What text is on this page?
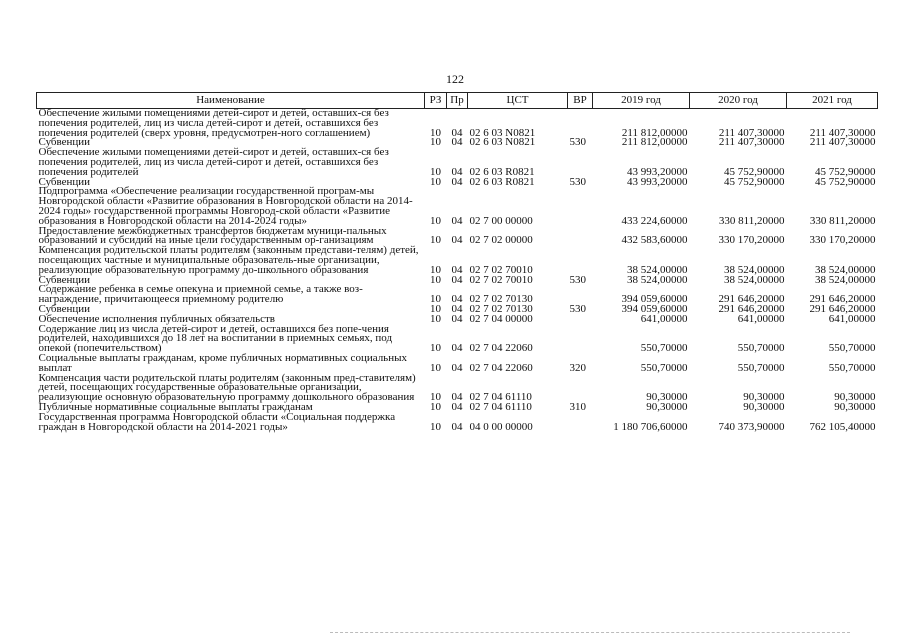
122
Наименование	РЗ	Пр	ЦСТ	ВР	2019 год	2020 год	2021 год
Обеспечение жилыми помещениями детей-сирот и детей, оставших-ся без попечения родителей, лиц из числа детей-сирот и детей, оставшихся без попечения родителей (сверх уровня, предусмотрен-ного соглашением)	10	04	02 6 03 N0821		211 812,00000	211 407,30000	211 407,30000
Субвенции	10	04	02 6 03 N0821	530	211 812,00000	211 407,30000	211 407,30000
Обеспечение жилыми помещениями детей-сирот и детей, оставших-ся без попечения родителей, лиц из числа детей-сирот и детей, оставшихся без попечения родителей	10	04	02 6 03 R0821		43 993,20000	45 752,90000	45 752,90000
Субвенции	10	04	02 6 03 R0821	530	43 993,20000	45 752,90000	45 752,90000
Подпрограмма «Обеспечение реализации государственной програм-мы Новгородской области «Развитие образования в Новгородской области на 2014-2024 годы» государственной программы Новгород-ской области «Развитие образования в Новгородской области на 2014-2024 годы»	10	04	02 7 00 00000		433 224,60000	330 811,20000	330 811,20000
Предоставление межбюджетных трансфертов бюджетам муници-пальных образований и субсидий на иные цели государственным ор-ганизациям	10	04	02 7 02 00000		432 583,60000	330 170,20000	330 170,20000
Компенсация родительской платы родителям (законным представи-телям) детей, посещающих частные и муниципальные образователь-ные организации, реализующие образовательную программу до-школьного образования	10	04	02 7 02 70010		38 524,00000	38 524,00000	38 524,00000
Субвенции	10	04	02 7 02 70010	530	38 524,00000	38 524,00000	38 524,00000
Содержание ребенка в семье опекуна и приемной семье, а также воз-награждение, причитающееся приемному родителю	10	04	02 7 02 70130		394 059,60000	291 646,20000	291 646,20000
Субвенции	10	04	02 7 02 70130	530	394 059,60000	291 646,20000	291 646,20000
Обеспечение исполнения публичных обязательств	10	04	02 7 04 00000		641,00000	641,00000	641,00000
Содержание лиц из числа детей-сирот и детей, оставшихся без попе-чения родителей, находившихся до 18 лет на воспитании в приемных семьях, под опекой (попечительством)	10	04	02 7 04 22060		550,70000	550,70000	550,70000
Социальные выплаты гражданам, кроме публичных нормативных социальных выплат	10	04	02 7 04 22060	320	550,70000	550,70000	550,70000
Компенсация части родительской платы родителям (законным пред-ставителям) детей, посещающих государственные образовательные организации, реализующие основную образовательную программу дошкольного образования	10	04	02 7 04 61110		90,30000	90,30000	90,30000
Публичные нормативные социальные выплаты гражданам	10	04	02 7 04 61110	310	90,30000	90,30000	90,30000
Государственная программа Новгородской области «Социальная поддержка граждан в Новгородской области на 2014-2021 годы»	10	04	04 0 00 00000		1 180 706,60000	740 373,90000	762 105,40000
